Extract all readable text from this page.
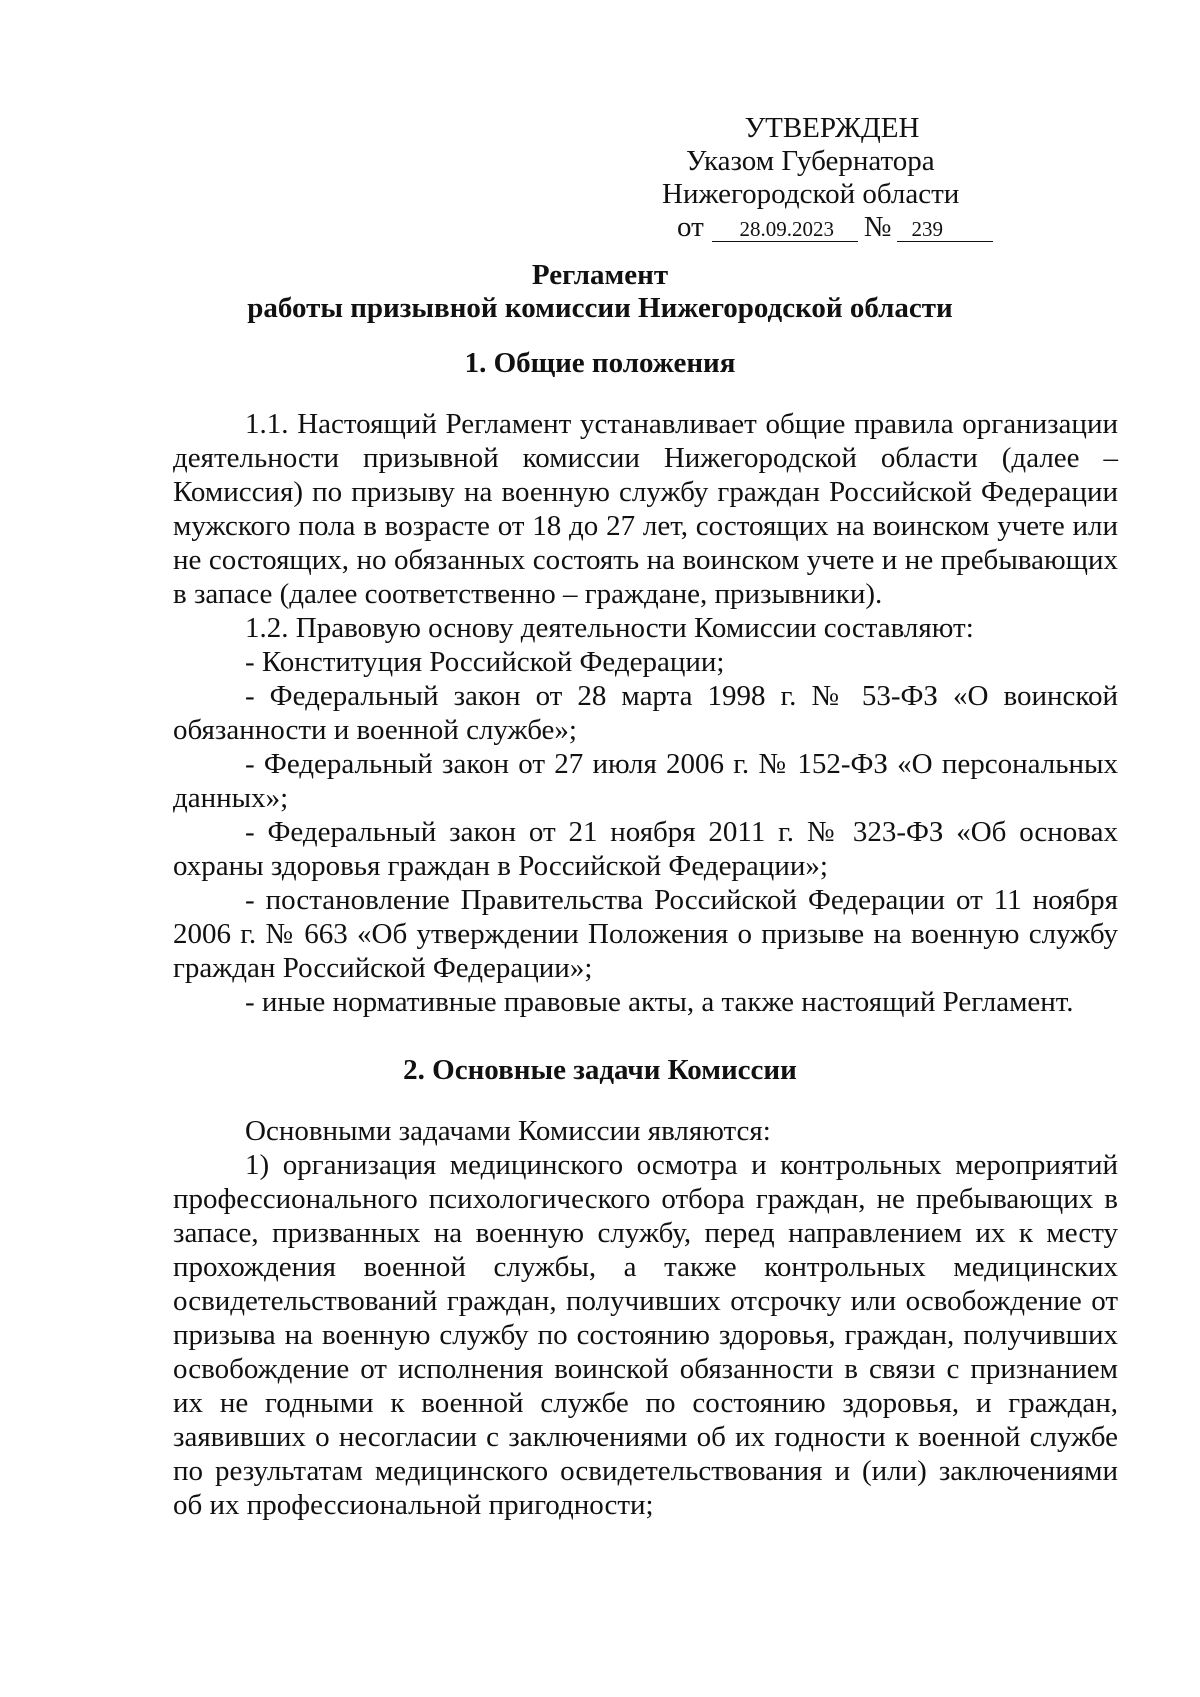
УТВЕРЖДЕН
Указом Губернатора
Нижегородской области
от 28.09.2023 № 239
Регламент
работы призывной комиссии Нижегородской области
1. Общие положения

1.1. Настоящий Регламент устанавливает общие правила организации деятельности призывной комиссии Нижегородской области (далее – Комиссия) по призыву на военную службу граждан Российской Федерации мужского пола в возрасте от 18 до 27 лет, состоящих на воинском учете или не состоящих, но обязанных состоять на воинском учете и не пребывающих в запасе (далее соответственно – граждане, призывники).

1.2. Правовую основу деятельности Комиссии составляют:

- Конституция Российской Федерации;

- Федеральный закон от 28 марта 1998 г. № 53-ФЗ «О воинской обязанности и военной службе»;

- Федеральный закон от 27 июля 2006 г. № 152-ФЗ «О персональных данных»;

- Федеральный закон от 21 ноября 2011 г. № 323-ФЗ «Об основах охраны здоровья граждан в Российской Федерации»;

- постановление Правительства Российской Федерации от 11 ноября 2006 г. № 663 «Об утверждении Положения о призыве на военную службу граждан Российской Федерации»;

- иные нормативные правовые акты, а также настоящий Регламент.

2. Основные задачи Комиссии

Основными задачами Комиссии являются:

1) организация медицинского осмотра и контрольных мероприятий профессионального психологического отбора граждан, не пребывающих в запасе, призванных на военную службу, перед направлением их к месту прохождения военной службы, а также контрольных медицинских освидетельствований граждан, получивших отсрочку или освобождение от призыва на военную службу по состоянию здоровья, граждан, получивших освобождение от исполнения воинской обязанности в связи с признанием их не годными к военной службе по состоянию здоровья, и граждан, заявивших о несогласии с заключениями об их годности к военной службе по результатам медицинского освидетельствования и (или) заключениями об их профессиональной пригодности;
